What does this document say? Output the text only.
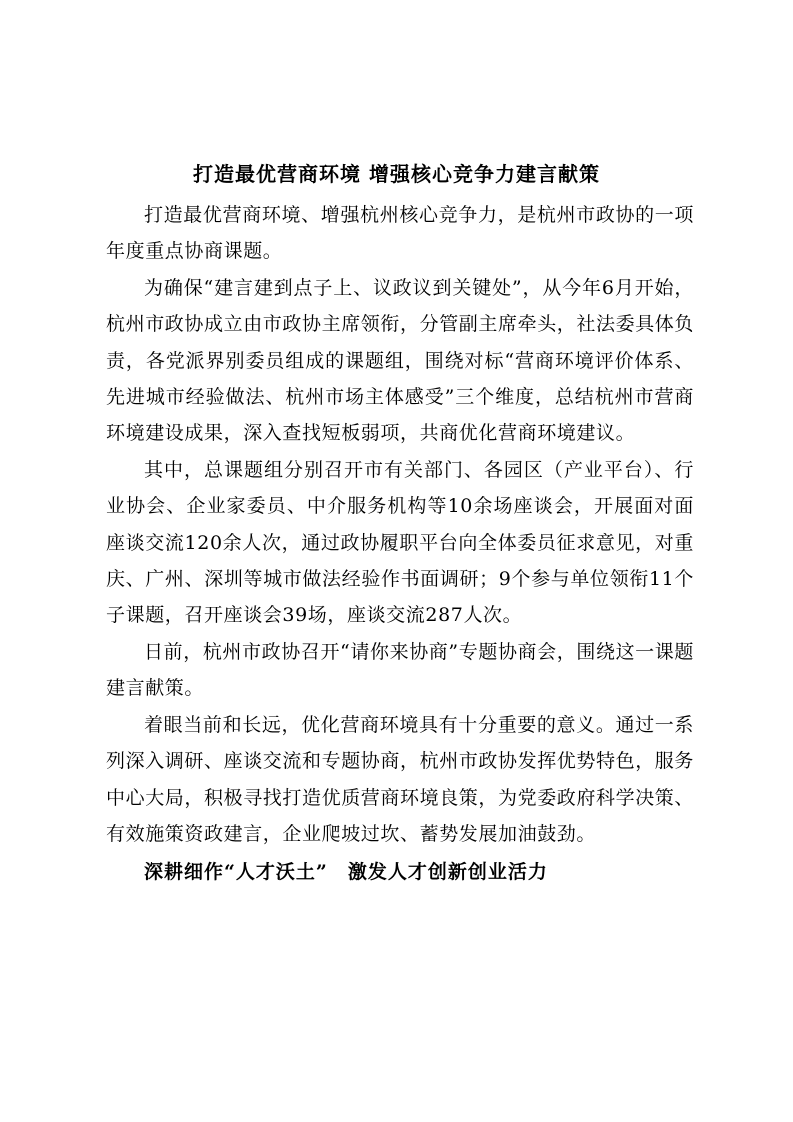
打造最优营商环境 增强核心竞争力建言献策

打造最优营商环境、增强杭州核心竞争力，是杭州市政协的一项年度重点协商课题。

为确保“建言建到点子上、议政议到关键处”，从今年6月开始，杭州市政协成立由市政协主席领衔，分管副主席牵头，社法委具体负责，各党派界别委员组成的课题组，围绕对标“营商环境评价体系、先进城市经验做法、杭州市场主体感受”三个维度，总结杭州市营商环境建设成果，深入查找短板弱项，共商优化营商环境建议。

其中，总课题组分别召开市有关部门、各园区（产业平台）、行业协会、企业家委员、中介服务机构等10余场座谈会，开展面对面座谈交流120余人次，通过政协履职平台向全体委员征求意见，对重庆、广州、深圳等城市做法经验作书面调研；9个参与单位领衔11个子课题，召开座谈会39场，座谈交流287人次。

日前，杭州市政协召开“请你来协商”专题协商会，围绕这一课题建言献策。

着眼当前和长远，优化营商环境具有十分重要的意义。通过一系列深入调研、座谈交流和专题协商，杭州市政协发挥优势特色，服务中心大局，积极寻找打造优质营商环境良策，为党委政府科学决策、有效施策资政建言，企业爬坡过坎、蓄势发展加油鼓劲。

深耕细作“人才沃土”　激发人才创新创业活力
